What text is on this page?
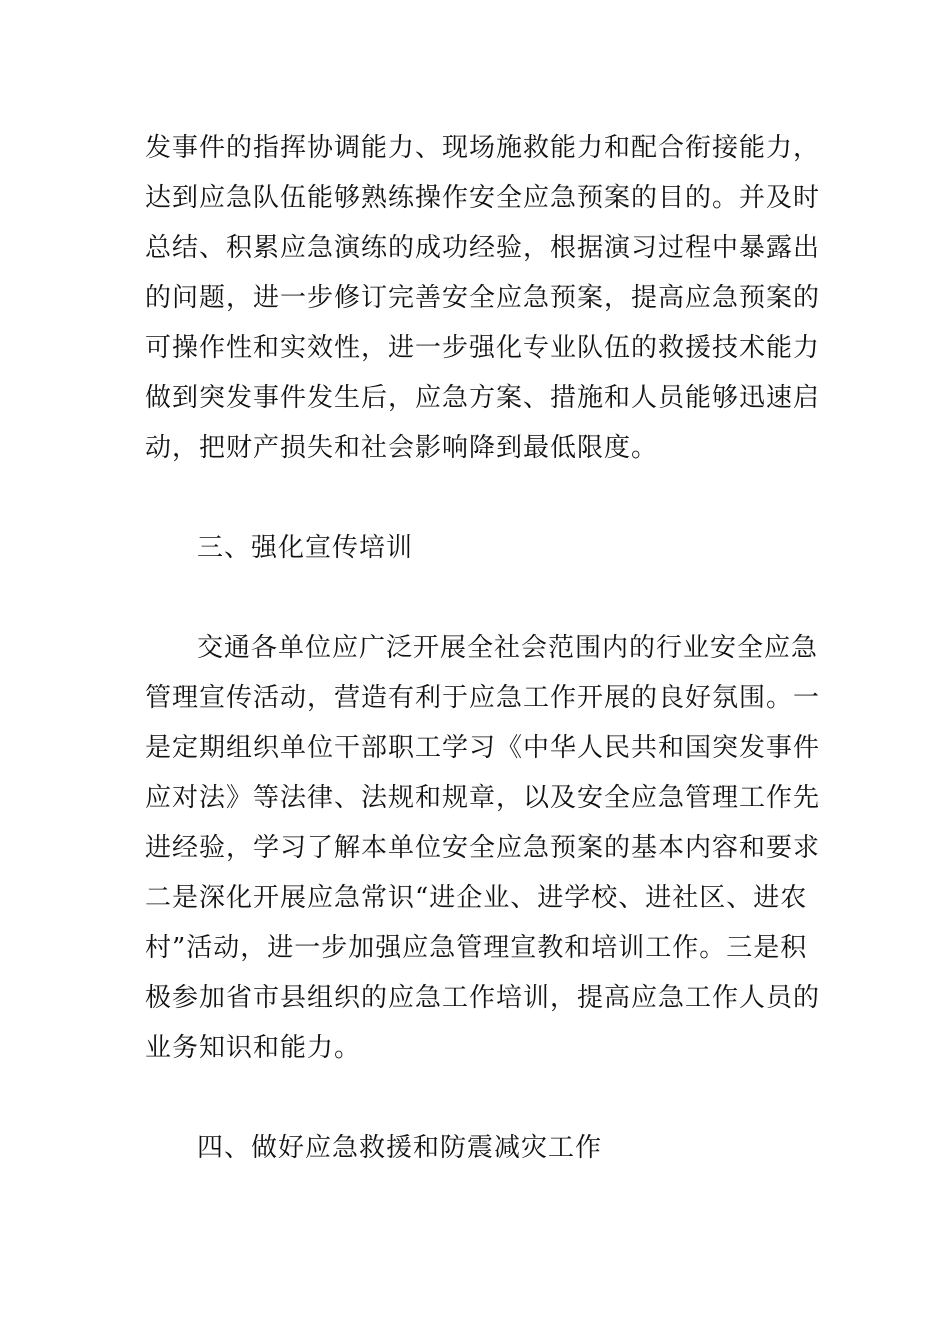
发事件的指挥协调能力、现场施救能力和配合衔接能力，
达到应急队伍能够熟练操作安全应急预案的目的。并及时
总结、积累应急演练的成功经验，根据演习过程中暴露出
的问题，进一步修订完善安全应急预案，提高应急预案的
可操作性和实效性，进一步强化专业队伍的救援技术能力
做到突发事件发生后，应急方案、措施和人员能够迅速启
动，把财产损失和社会影响降到最低限度。
三、强化宣传培训
交通各单位应广泛开展全社会范围内的行业安全应急
管理宣传活动，营造有利于应急工作开展的良好氛围。一
是定期组织单位干部职工学习《中华人民共和国突发事件
应对法》等法律、法规和规章，以及安全应急管理工作先
进经验，学习了解本单位安全应急预案的基本内容和要求
二是深化开展应急常识“进企业、进学校、进社区、进农
村”活动，进一步加强应急管理宣教和培训工作。三是积
极参加省市县组织的应急工作培训，提高应急工作人员的
业务知识和能力。
四、做好应急救援和防震减灾工作
